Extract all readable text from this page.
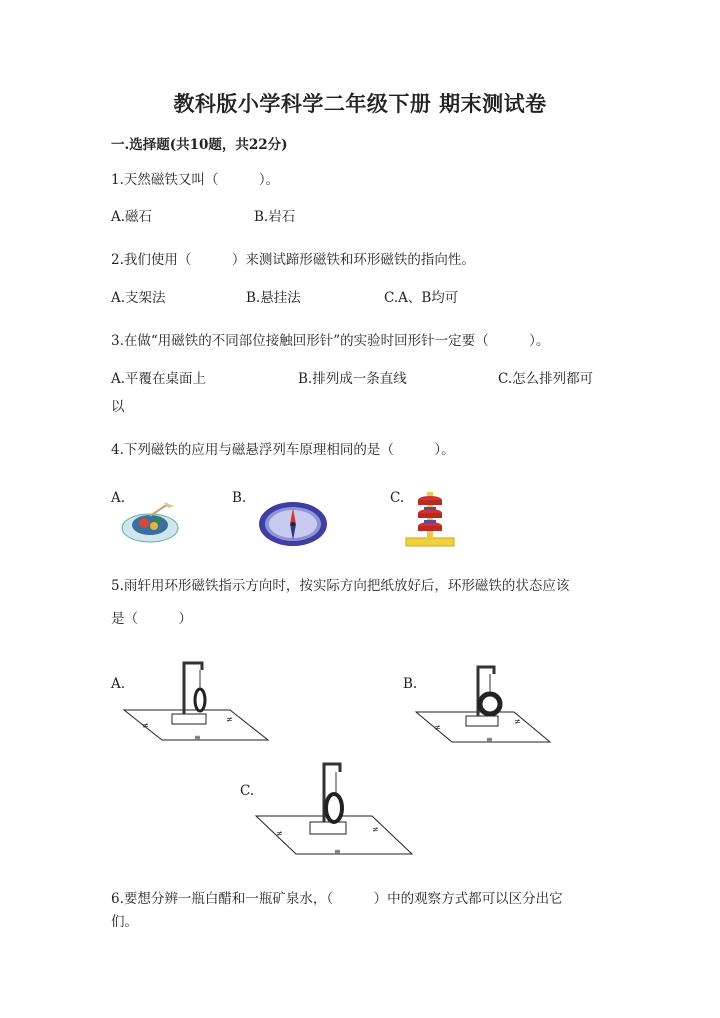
教科版小学科学二年级下册 期末测试卷
一.选择题(共10题，共22分)
1.天然磁铁又叫（　　　）。
A.磁石	B.岩石
2.我们使用（　　　）来测试蹄形磁铁和环形磁铁的指向性。
A.支架法	B.悬挂法	C.A、B均可
3.在做“用磁铁的不同部位接触回形针”的实验时回形针一定要（　　　）。
A.平覆在桌面上	B.排列成一条直线	C.怎么排列都可
以
4.下列磁铁的应用与磁悬浮列车原理相同的是（　　　）。
A.	B.	C.
5.雨轩用环形磁铁指示方向时，按实际方向把纸放好后，环形磁铁的状态应该
是（　　　）
A.	B.
C.
≠
≠
≡
≠
≠
≡
≠	≠
≡
6.要想分辨一瓶白醋和一瓶矿泉水，（　　　）中的观察方式都可以区分出它
们。
